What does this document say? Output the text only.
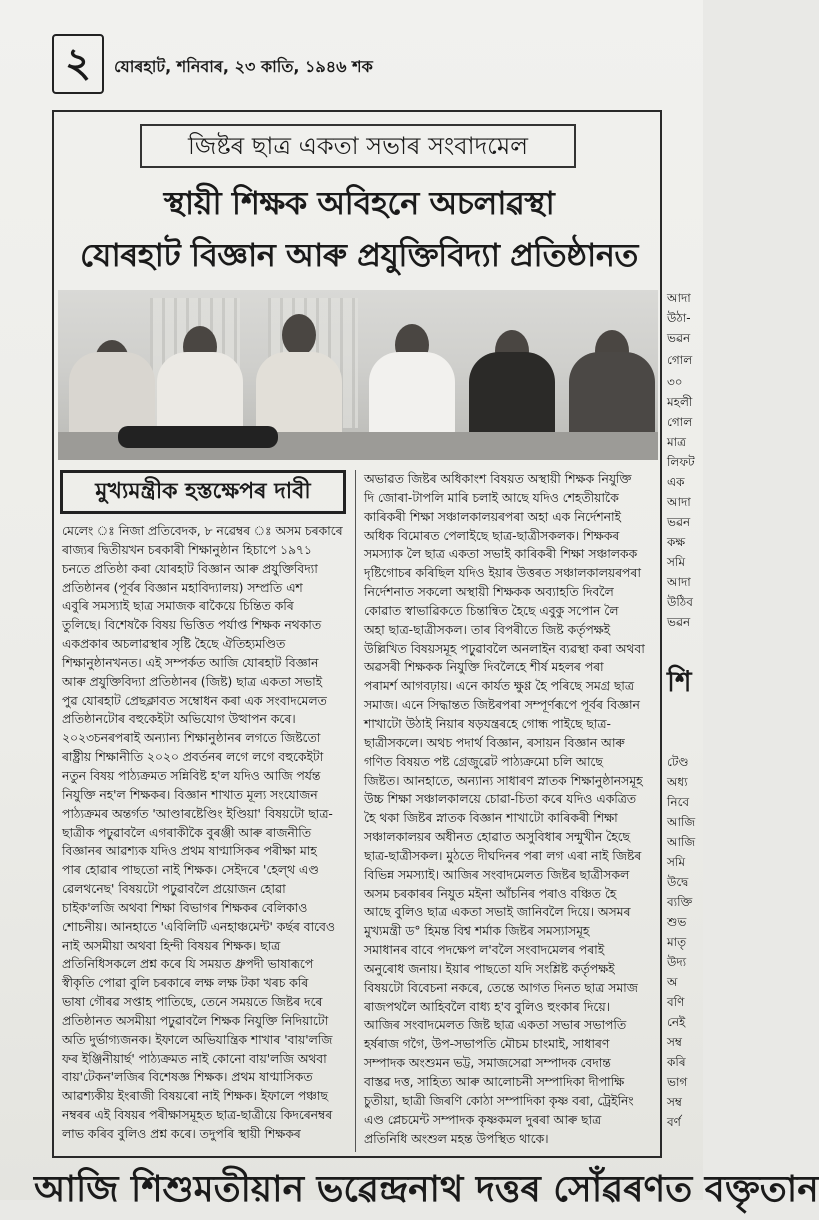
২	যোৰহাট, শনিবাৰ, ২৩ কাতি, ১৯৪৬ শক
জিষ্টৰ ছাত্ৰ একতা সভাৰ সংবাদমেল
স্থায়ী শিক্ষক অবিহনে অচলাৱস্থা
যোৰহাট বিজ্ঞান আৰু প্ৰযুক্তিবিদ্যা প্ৰতিষ্ঠানত
মুখ্যমন্ত্ৰীক হস্তক্ষেপৰ দাবী

মেলেং ঃ নিজা প্ৰতিবেদক, ৮ নৱেম্বৰ ঃ অসম চৰকাৰে

ৰাজ্যৰ দ্বিতীয়খন চৰকাৰী শিক্ষানুষ্ঠান হিচাপে ১৯৭১

চনতে প্ৰতিষ্ঠা কৰা যোৰহাট বিজ্ঞান আৰু প্ৰযুক্তিবিদ্যা

প্ৰতিষ্ঠানৰ (পূৰ্বৰ বিজ্ঞান মহাবিদ্যালয়) সম্প্ৰতি এশ

এবুৰি সমস্যাই ছাত্ৰ সমাজক ৰাকৈয়ে চিন্তিত কৰি

তুলিছে। বিশেষকৈ বিষয় ভিত্তিত পৰ্যাপ্ত শিক্ষক নথকাত

একপ্ৰকাৰ অচলাৱস্থাৰ সৃষ্টি হৈছে ঐতিহ্যমণ্ডিত

শিক্ষানুষ্ঠানখনত। এই সম্পৰ্কত আজি যোৰহাট বিজ্ঞান

আৰু প্ৰযুক্তিবিদ্যা প্ৰতিষ্ঠানৰ (জিষ্ট) ছাত্ৰ একতা সভাই

পুৱ যোৰহাট প্ৰেছক্লাবত সম্বোধন কৰা এক সংবাদমেলত

প্ৰতিষ্ঠানটোৰ বহুকেইটা অভিযোগ উত্থাপন কৰে।

২০২৩চনৰপৰাই অন্যান্য শিক্ষানুষ্ঠানৰ লগতে জিষ্টতো

ৰাষ্ট্ৰীয় শিক্ষানীতি ২০২০ প্ৰবৰ্তনৰ লগে লগে বহুকেইটা

নতুন বিষয় পাঠ্যক্ৰমত সন্নিবিষ্ট হ'ল যদিও আজি পৰ্যন্ত

নিযুক্তি নহ'ল শিক্ষকৰ। বিজ্ঞান শাখাত মূল্য সংযোজন

পাঠ্যক্ৰমৰ অন্তৰ্গত 'আণ্ডাৰষ্টেণ্ডিং ইণ্ডিয়া' বিষয়টো ছাত্ৰ-

ছাত্ৰীক পঢ়ুৱাবলৈ এগৰাকীকৈ বুৰঞ্জী আৰু ৰাজনীতি

বিজ্ঞানৰ আৱশ্যক যদিও প্ৰথম ষাণ্মাসিকৰ পৰীক্ষা মাহ

পাৰ হোৱাৰ পাছতো নাই শিক্ষক। সেইদৰে 'হেল্থ এণ্ড

ৱেলথনেছ' বিষয়টো পঢ়ুৱাবলৈ প্ৰয়োজন হোৱা

চাইক'লজি অথবা শিক্ষা বিভাগৰ শিক্ষকৰ বেলিকাও

শোচনীয়। আনহাতে 'এবিলিটি এনহাঞ্চমেন্ট' কৰ্ছৰ বাবেও

নাই অসমীয়া অথবা হিন্দী বিষয়ৰ শিক্ষক। ছাত্ৰ

প্ৰতিনিধিসকলে প্ৰশ্ন কৰে যি সময়ত ধ্ৰুপদী ভাষাৰূপে

স্বীকৃতি পোৱা বুলি চৰকাৰে লক্ষ লক্ষ টকা খৰচ কৰি

ভাষা গৌৰৱ সপ্তাহ পাতিছে, তেনে সময়তে জিষ্টৰ দৰে

প্ৰতিষ্ঠানত অসমীয়া পঢ়ুৱাবলৈ শিক্ষক নিযুক্তি নিদিয়াটো

অতি দুৰ্ভাগ্যজনক। ইফালে অভিযান্ত্ৰিক শাখাৰ 'বায়'লজি

ফৰ ইঞ্জিনীয়াৰ্ছ' পাঠ্যক্ৰমত নাই কোনো বায়'লজি অথবা

বায়'টেকন'লজিৰ বিশেষজ্ঞ শিক্ষক। প্ৰথম ষাণ্মাসিকত

আৱশ্যকীয় ইংৰাজী বিষয়ৰো নাই শিক্ষক। ইফালে পঞ্চাছ

নম্বৰৰ এই বিষয়ৰ পৰীক্ষাসমূহত ছাত্ৰ-ছাত্ৰীয়ে কিদৰেনম্বৰ

লাভ কৰিব বুলিও প্ৰশ্ন কৰে। তদুপৰি স্থায়ী শিক্ষকৰ

অভাৱত জিষ্টৰ অধিকাংশ বিষয়ত অস্থায়ী শিক্ষক নিযুক্তি

দি জোৰা-টাপলি মাৰি চলাই আছে যদিও শেহতীয়াকৈ

কাৰিকৰী শিক্ষা সঞ্চালকালয়ৰপৰা অহা এক নিৰ্দেশনাই

অধিক বিমোৰত পেলাইছে ছাত্ৰ-ছাত্ৰীসকলক। শিক্ষকৰ

সমস্যাক লৈ ছাত্ৰ একতা সভাই কাৰিকৰী শিক্ষা সঞ্চালকক

দৃষ্টিগোচৰ কৰিছিল যদিও ইয়াৰ উত্তৰত সঞ্চালকালয়ৰপৰা

নিৰ্দেশনাত সকলো অস্থায়ী শিক্ষকক অব্যাহতি দিবলৈ

কোৱাত স্বাভাৱিকতে চিন্তান্বিত হৈছে এবুকু সপোন লৈ

অহা ছাত্ৰ-ছাত্ৰীসকল। তাৰ বিপৰীতে জিষ্ট কৰ্তৃপক্ষই

উল্লিখিত বিষয়সমূহ পঢ়ুৱাবলৈ অনলাইন ব্যৱস্থা কৰা অথবা

অৱসৰী শিক্ষকক নিযুক্তি দিবলৈহে শীৰ্ষ মহলৰ পৰা

পৰামৰ্শ আগবঢ়ায়। এনে কাৰ্যত ক্ষুণ্ণ হৈ পৰিছে সমগ্ৰ ছাত্ৰ

সমাজ। এনে সিদ্ধান্তত জিষ্টৰপৰা সম্পূৰ্ণৰূপে পূৰ্বৰ বিজ্ঞান

শাখাটো উঠাই নিয়াৰ ষড়যন্ত্ৰৰহে গোন্ধ পাইছে ছাত্ৰ-

ছাত্ৰীসকলে। অথচ পদাৰ্থ বিজ্ঞান, ৰসায়ন বিজ্ঞান আৰু

গণিত বিষয়ত পষ্ট গ্ৰেজুৱেট পাঠ্যক্ৰমো চলি আছে

জিষ্টত। আনহাতে, অন্যান্য সাধাৰণ স্নাতক শিক্ষানুষ্ঠানসমূহ

উচ্চ শিক্ষা সঞ্চালকালয়ে চোৱা-চিতা কৰে যদিও একত্ৰিত

হৈ থকা জিষ্টৰ স্নাতক বিজ্ঞান শাখাটো কাৰিকৰী শিক্ষা

সঞ্চালকালয়ৰ অধীনত হোৱাত অসুবিধাৰ সন্মুখীন হৈছে

ছাত্ৰ-ছাত্ৰীসকল। মুঠতে দীঘদিনৰ পৰা লগ এৰা নাই জিষ্টৰ

বিভিন্ন সমস্যাই। আজিৰ সংবাদমেলত জিষ্টৰ ছাত্ৰীসকল

অসম চৰকাৰৰ নিযুত মইনা আঁচনিৰ পৰাও বঞ্চিত হৈ

আছে বুলিও ছাত্ৰ একতা সভাই জানিবলৈ দিয়ে। অসমৰ

মুখ্যমন্ত্ৰী ড° হিমন্ত বিশ্ব শৰ্মাক জিষ্টৰ সমস্যাসমূহ

সমাধানৰ বাবে পদক্ষেপ ল'বলৈ সংবাদমেলৰ পৰাই

অনুৰোধ জনায়। ইয়াৰ পাছতো যদি সংশ্লিষ্ট কৰ্তৃপক্ষই

বিষয়টো বিবেচনা নকৰে, তেন্তে আগত দিনত ছাত্ৰ সমাজ

ৰাজপথলৈ আহিবলৈ বাধ্য হ'ব বুলিও হুংকাৰ দিয়ে।

আজিৰ সংবাদমেলত জিষ্ট ছাত্ৰ একতা সভাৰ সভাপতি

হৰ্ষৰাজ গগৈ, উপ-সভাপতি মৌচম চাংমাই, সাধাৰণ

সম্পাদক অংশুমন ভট্ট, সমাজসেৱা সম্পাদক বেদান্ত

বাস্তৱ দত্ত, সাহিত্য আৰু আলোচনী সম্পাদিকা দীপাক্ষি

চুতীয়া, ছাত্ৰী জিৰণি কোঠা সম্পাদিকা কৃষ্ণ বৰা, ট্ৰেইনিং

এণ্ড প্লেচমেন্ট সম্পাদক কৃষ্ণকমল দুৰৰা আৰু ছাত্ৰ

প্ৰতিনিধি অংশুল মহন্ত উপস্থিত থাকে।

আদা
উঠা-
ভৱন
গোল
৩০
মহলী
গোল
মাত্ৰ
লিফট
এক
আদা
ভৱন
কক্ষ
সমি
আদা
উঠিব
ভৱন
টেণ্ড
অধ্য
নিবে
আজি
আজি
সমি
উদ্বে
ব্যক্তি
শুভ
মাতৃ
উদ্য
অ
বণি
নেই
সম্ব
কৰি
ভাগ
সম্ব
বৰ্ণ
শি
আজি শিশুমতীয়ান ভৱেন্দ্ৰনাথ দত্তৰ সোঁৱৰণত বক্তৃতান
